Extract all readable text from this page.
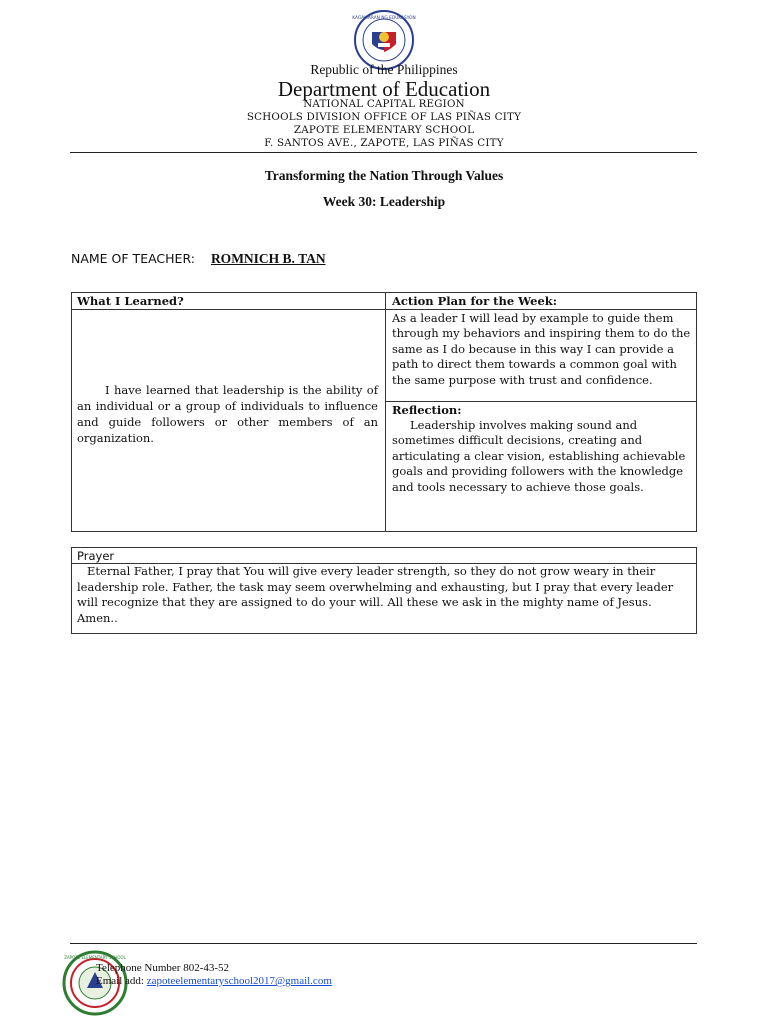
KAGAWARAN NG EDUKASYON
Republic of the Philippines
Department of Education
NATIONAL CAPITAL REGION
SCHOOLS DIVISION OFFICE OF LAS PIÑAS CITY
ZAPOTE ELEMENTARY SCHOOL
F. SANTOS AVE., ZAPOTE, LAS PIÑAS CITY
Transforming the Nation Through Values
Week 30: Leadership
NAME OF TEACHER: ROMNICH B. TAN
What I Learned?	Action Plan for the Week:
I have learned that leadership is the ability of an individual or a group of individuals to influence and guide followers or other members of an organization.
As a leader I will lead by example to guide them through my behaviors and inspiring them to do the same as I do because in this way I can provide a path to direct them towards a common goal with the same purpose with trust and confidence.
Reflection:
Leadership involves making sound and sometimes difficult decisions, creating and articulating a clear vision, establishing achievable goals and providing followers with the knowledge and tools necessary to achieve those goals.
Prayer
Eternal Father, I pray that You will give every leader strength, so they do not grow weary in their leadership role. Father, the task may seem overwhelming and exhausting, but I pray that every leader will recognize that they are assigned to do your will. All these we ask in the mighty name of Jesus. Amen..
ZAPOTE ELEMENTARY SCHOOL
Telephone Number 802-43-52
Email add: zapoteelementaryschool2017@gmail.com
